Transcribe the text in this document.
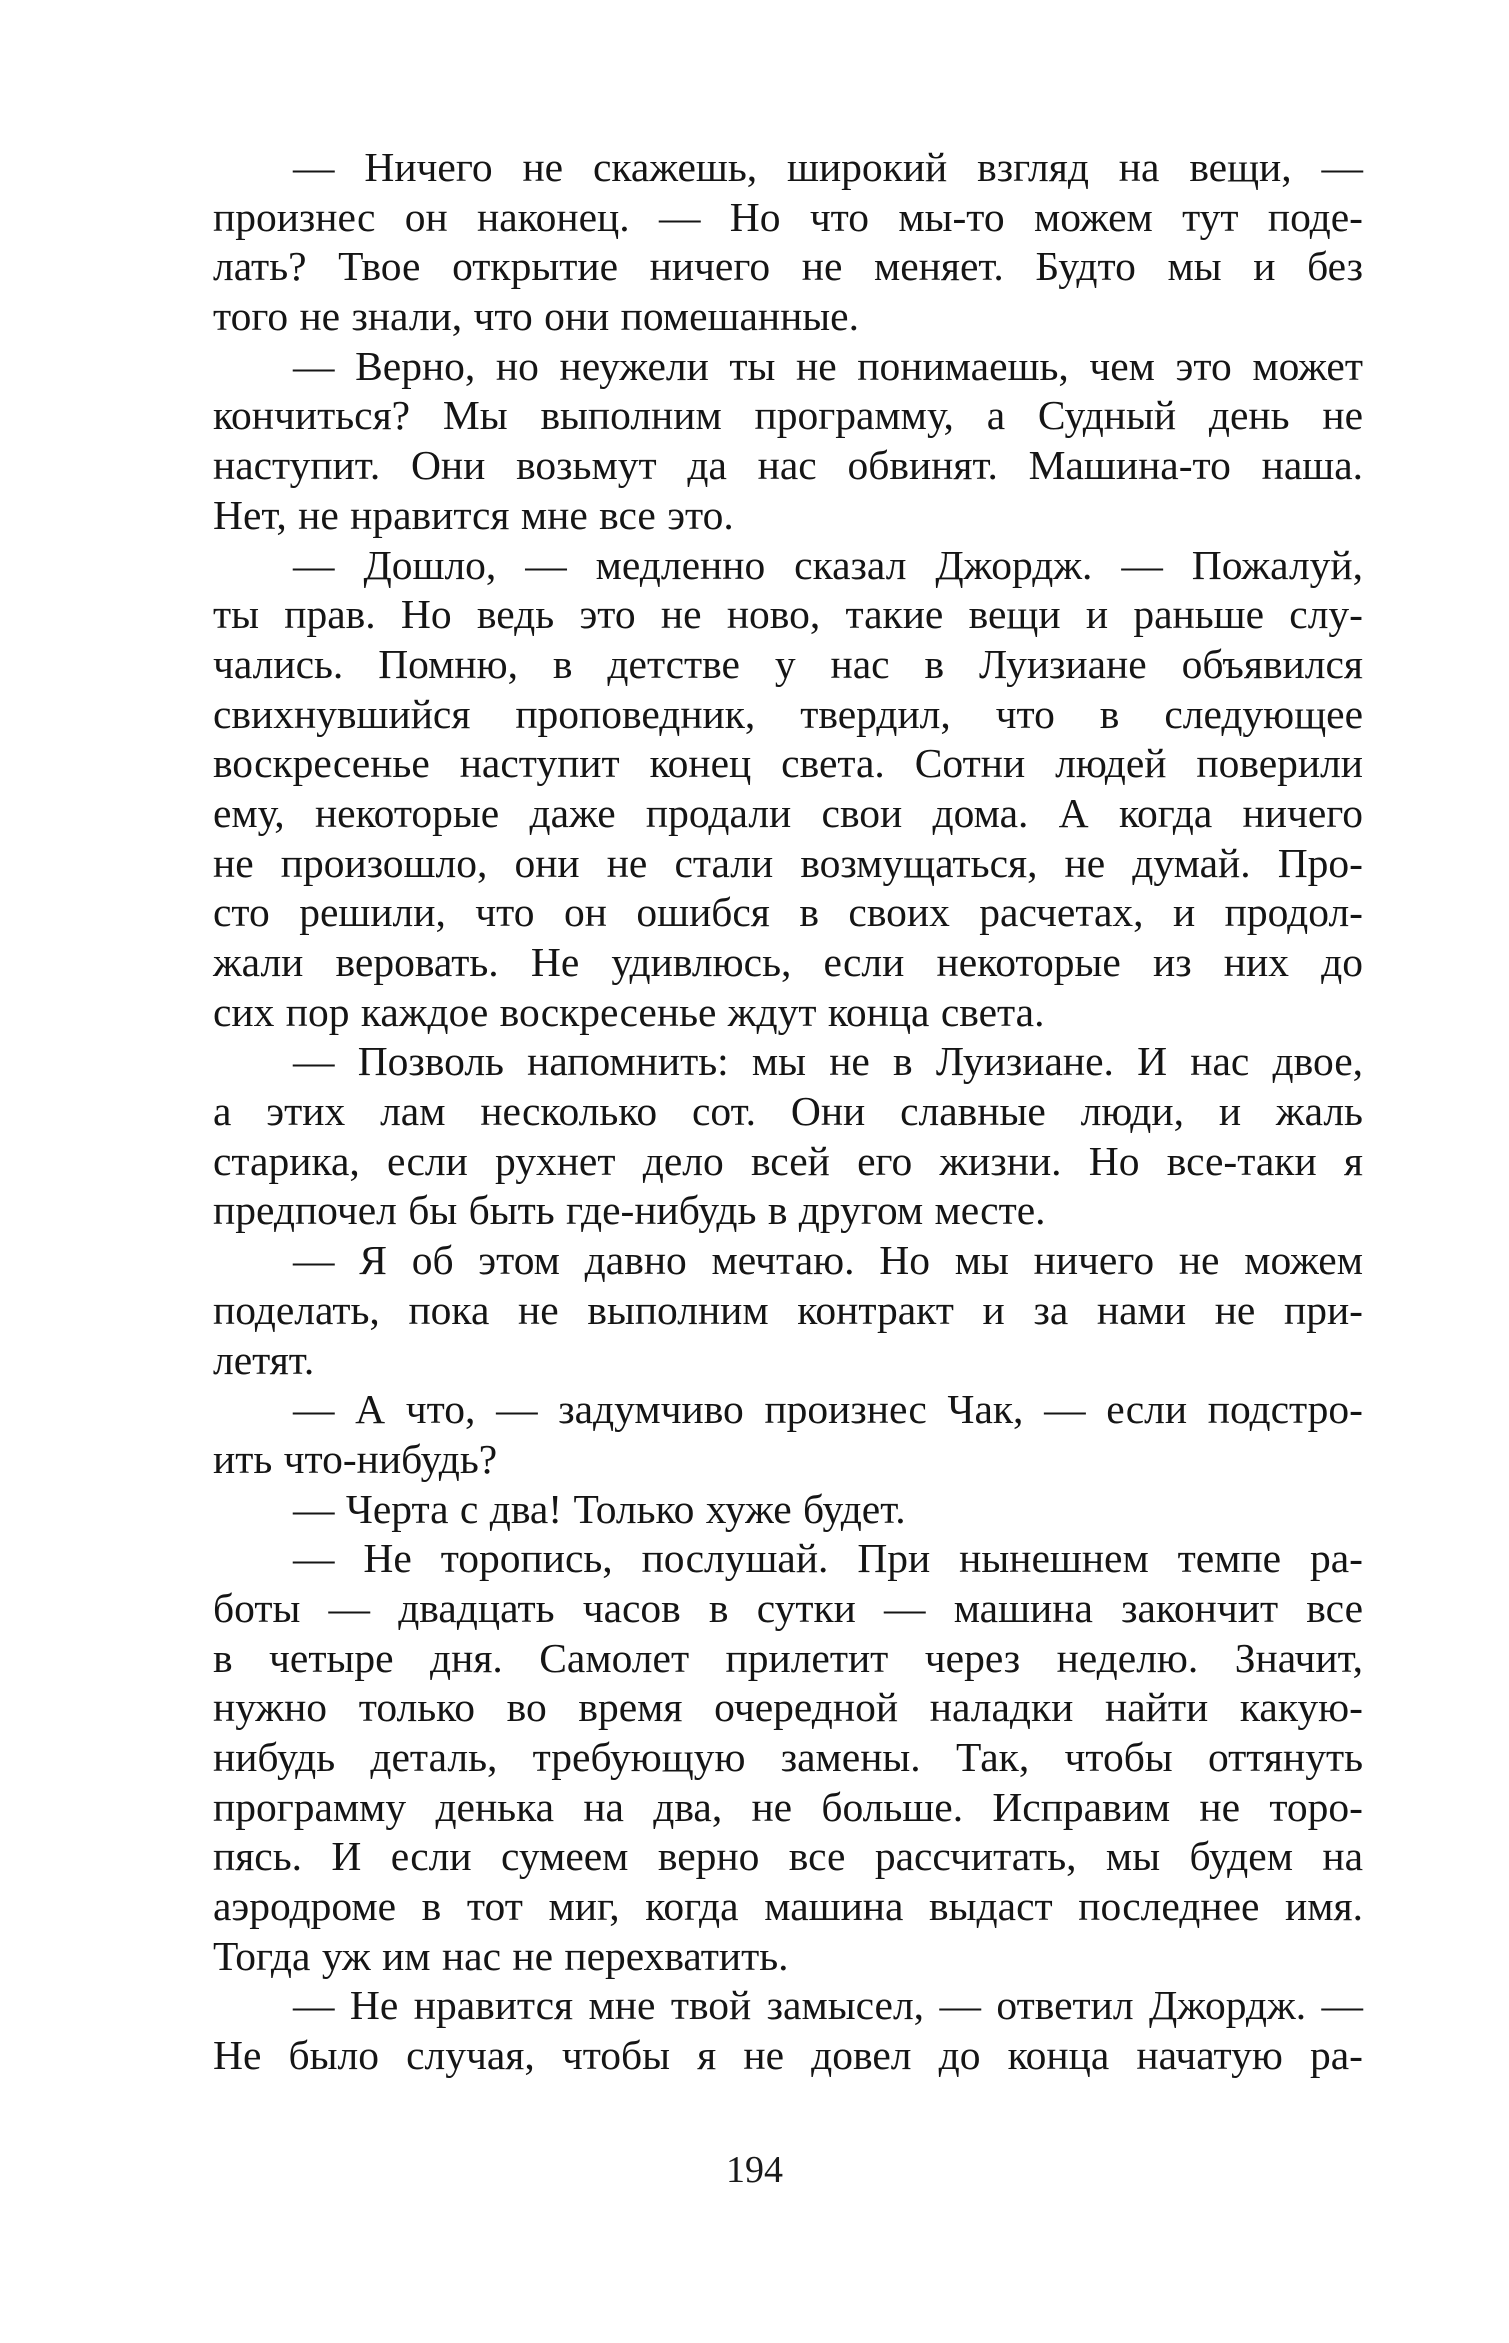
— Ничего не скажешь, широкий взгляд на вещи, —
произнес он наконец. — Но что мы-то можем тут поде-
лать? Твое открытие ничего не меняет. Будто мы и без
того не знали, что они помешанные.
— Верно, но неужели ты не понимаешь, чем это может
кончиться? Мы выполним программу, а Судный день не
наступит. Они возьмут да нас обвинят. Машина-то наша.
Нет, не нравится мне все это.
— Дошло, — медленно сказал Джордж. — Пожалуй,
ты прав. Но ведь это не ново, такие вещи и раньше слу-
чались. Помню, в детстве у нас в Луизиане объявился
свихнувшийся проповедник, твердил, что в следующее
воскресенье наступит конец света. Сотни людей поверили
ему, некоторые даже продали свои дома. А когда ничего
не произошло, они не стали возмущаться, не думай. Про-
сто решили, что он ошибся в своих расчетах, и продол-
жали веровать. Не удивлюсь, если некоторые из них до
сих пор каждое воскресенье ждут конца света.
— Позволь напомнить: мы не в Луизиане. И нас двое,
а этих лам несколько сот. Они славные люди, и жаль
старика, если рухнет дело всей его жизни. Но все-таки я
предпочел бы быть где-нибудь в другом месте.
— Я об этом давно мечтаю. Но мы ничего не можем
поделать, пока не выполним контракт и за нами не при-
летят.
— А что, — задумчиво произнес Чак, — если подстро-
ить что-нибудь?
— Черта с два! Только хуже будет.
— Не торопись, послушай. При нынешнем темпе ра-
боты — двадцать часов в сутки — машина закончит все
в четыре дня. Самолет прилетит через неделю. Значит,
нужно только во время очередной наладки найти какую-
нибудь деталь, требующую замены. Так, чтобы оттянуть
программу денька на два, не больше. Исправим не торо-
пясь. И если сумеем верно все рассчитать, мы будем на
аэродроме в тот миг, когда машина выдаст последнее имя.
Тогда уж им нас не перехватить.
— Не нравится мне твой замысел, — ответил Джордж. —
Не было случая, чтобы я не довел до конца начатую ра-
194
